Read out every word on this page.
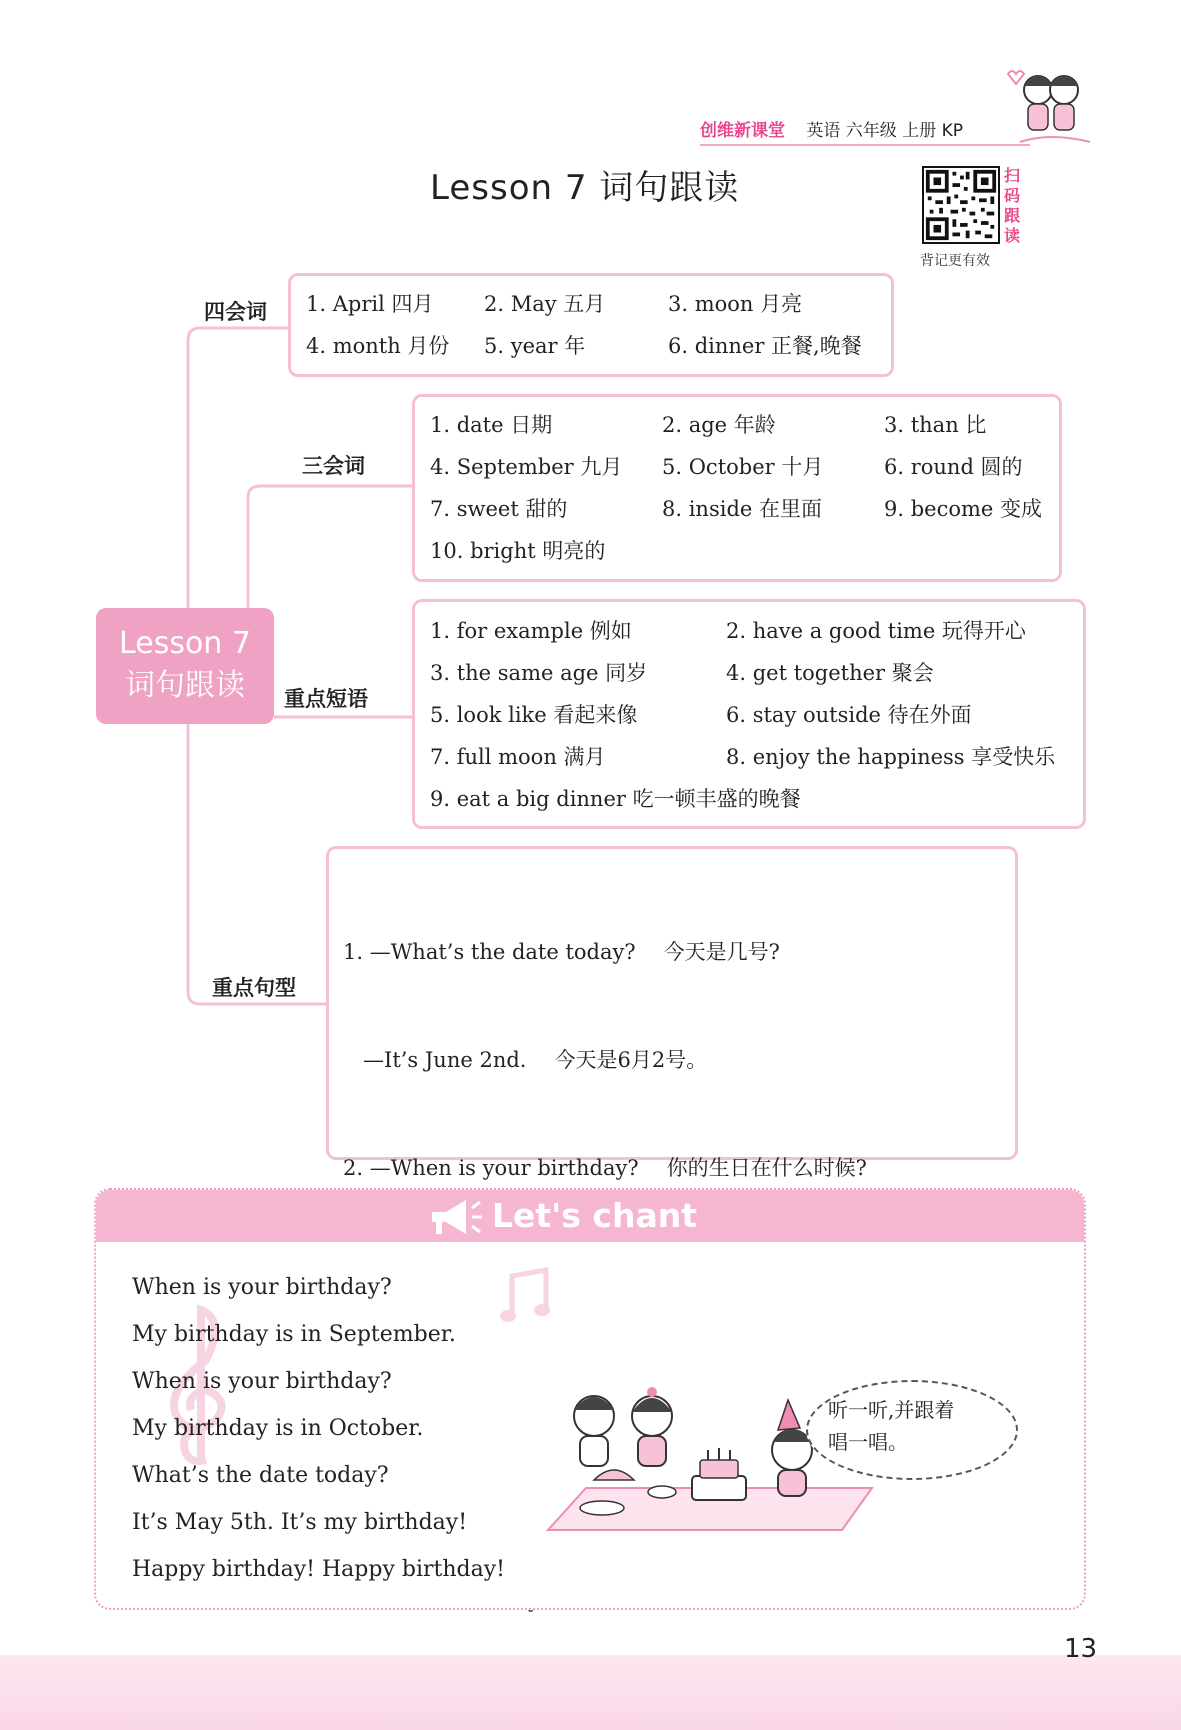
创维新课堂 英语 六年级 上册 KP
Lesson 7 词句跟读	扫码跟读
背记更有效
Lesson 7
词句跟读
四会词 1. April 四月 2. May 五月	3. moon 月亮
4. month 月份 5. year 年	6. dinner 正餐,晚餐
三会词
1. date 日期	2. age 年龄	3. than 比
4. September 九月 5. October 十月	6. round 圆的
7. sweet 甜的	8. inside 在里面	9. become 变成
10. bright 明亮的
重点短语
1. for example 例如	2. have a good time 玩得开心
3. the same age 同岁	4. get together 聚会
5. look like 看起来像	6. stay outside 待在外面
7. full moon 满月	8. enjoy the happiness 享受快乐
9. eat a big dinner 吃一顿丰盛的晚餐
重点句型

1. —What’s the date today? 今天是几号?

—It’s June 2nd. 今天是6月2号。

2. —When is your birthday? 你的生日在什么时候?

Let's chant
When is your birthday?
My birthday is in September.
When is your birthday?
My birthday is in October.
What’s the date today?
It’s May 5th. It’s my birthday!
Happy birthday! Happy birthday!
听一听,并跟着
唱一唱。
13
